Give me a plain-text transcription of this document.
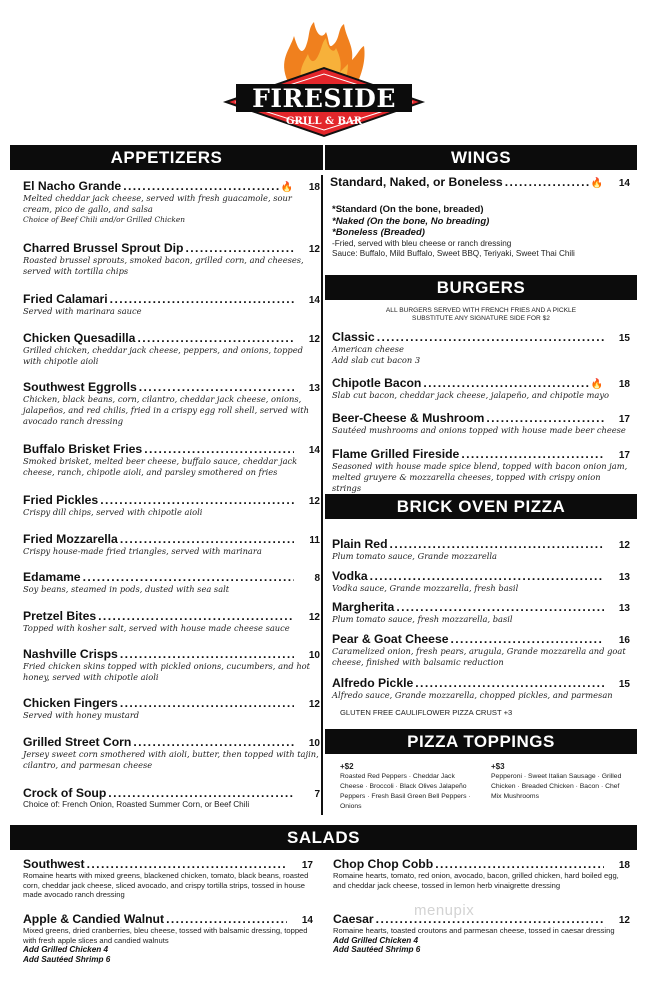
FIRESIDE
GRILL & BAR
APPETIZERS	WINGS
BURGERS
BRICK OVEN PIZZA
PIZZA TOPPINGS
SALADS
El Nacho Grande . . .	🔥	18
Melted cheddar jack cheese, served with fresh guacamole, sour cream, pico de gallo, and salsa
Choice of Beef Chili and/or Grilled Chicken
Charred Brussel Sprout Dip . . .	12
Roasted brussel sprouts, smoked bacon, grilled corn, and cheeses, served with tortilla chips
Fried Calamari . . .	14
Served with marinara sauce
Chicken Quesadilla . . .	12
Grilled chicken, cheddar jack cheese, peppers, and onions, topped with chipotle aioli
Southwest Eggrolls . . .	13
Chicken, black beans, corn, cilantro, cheddar jack cheese, onions, jalapeños, and red chilis, fried in a crispy egg roll shell, served with avocado ranch dressing
Buffalo Brisket Fries . . .	14
Smoked brisket, melted beer cheese, buffalo sauce, cheddar jack cheese, ranch, chipotle aioli, and parsley smothered on fries
Fried Pickles . . .	12
Crispy dill chips, served with chipotle aioli
Fried Mozzarella . . .	11
Crispy house-made fried triangles, served with marinara
Edamame . . .	8
Soy beans, steamed in pods, dusted with sea salt
Pretzel Bites . . .	12
Topped with kosher salt, served with house made cheese sauce
Nashville Crisps . . .	10
Fried chicken skins topped with pickled onions, cucumbers, and hot honey, served with chipotle aioli
Chicken Fingers . . .	12
Served with honey mustard
Grilled Street Corn . . .	10
Jersey sweet corn smothered with aioli, butter, then topped with tajin, cilantro, and parmesan cheese
Crock of Soup . . .	7
Choice of: French Onion, Roasted Summer Corn, or Beef Chili
Standard, Naked, or Boneless . . .	🔥	14
*Standard (On the bone, breaded)
*Naked (On the bone, No breading)
*Boneless (Breaded)
-Fried, served with bleu cheese or ranch dressing
Sauce: Buffalo, Mild Buffalo, Sweet BBQ, Teriyaki, Sweet Thai Chili
ALL BURGERS SERVED WITH FRENCH FRIES AND A PICKLE
SUBSTITUTE ANY SIGNATURE SIDE FOR $2
Classic . . .	15
American cheese
Add slab cut bacon 3
Chipotle Bacon . . .	🔥	18
Slab cut bacon, cheddar jack cheese, jalapeño, and chipotle mayo
Beer-Cheese & Mushroom . . .	17
Sautéed mushrooms and onions topped with house made beer cheese
Flame Grilled Fireside . . .	17
Seasoned with house made spice blend, topped with bacon onion jam, melted gruyere & mozzarella cheeses, topped with crispy onion strings
Plain Red . . .	12
Plum tomato sauce, Grande mozzarella
Vodka . . .	13
Vodka sauce, Grande mozzarella, fresh basil
Margherita . . .	13
Plum tomato sauce, fresh mozzarella, basil
Pear & Goat Cheese . . .	16
Caramelized onion, fresh pears, arugula, Grande mozzarella and goat cheese, finished with balsamic reduction
Alfredo Pickle . . .	15
Alfredo sauce, Grande mozzarella, chopped pickles, and parmesan
GLUTEN FREE CAULIFLOWER PIZZA CRUST +3
+$2
Roasted Red Peppers · Cheddar Jack Cheese · Broccoli · Black Olives Jalapeño Peppers · Fresh Basil Green Bell Peppers · Onions
+$3
Pepperoni · Sweet Italian Sausage · Grilled Chicken · Breaded Chicken · Bacon · Chef Mix Mushrooms
Southwest . . .	17
Romaine hearts with mixed greens, blackened chicken, tomato, black beans, roasted corn, cheddar jack cheese, sliced avocado, and crispy tortilla strips, tossed in house made avocado ranch dressing
Apple & Candied Walnut . . .	14
Mixed greens, dried cranberries, bleu cheese, tossed with balsamic dressing, topped with fresh apple slices and candied walnuts
Add Grilled Chicken 4
Add Sautéed Shrimp 6
Chop Chop Cobb . . .	18
Romaine hearts, tomato, red onion, avocado, bacon, grilled chicken, hard boiled egg, and cheddar jack cheese, tossed in lemon herb vinaigrette dressing
Caesar . . .	12
Romaine hearts, toasted croutons and parmesan cheese, tossed in caesar dressing
Add Grilled Chicken 4
Add Sautéed Shrimp 6
menupix
